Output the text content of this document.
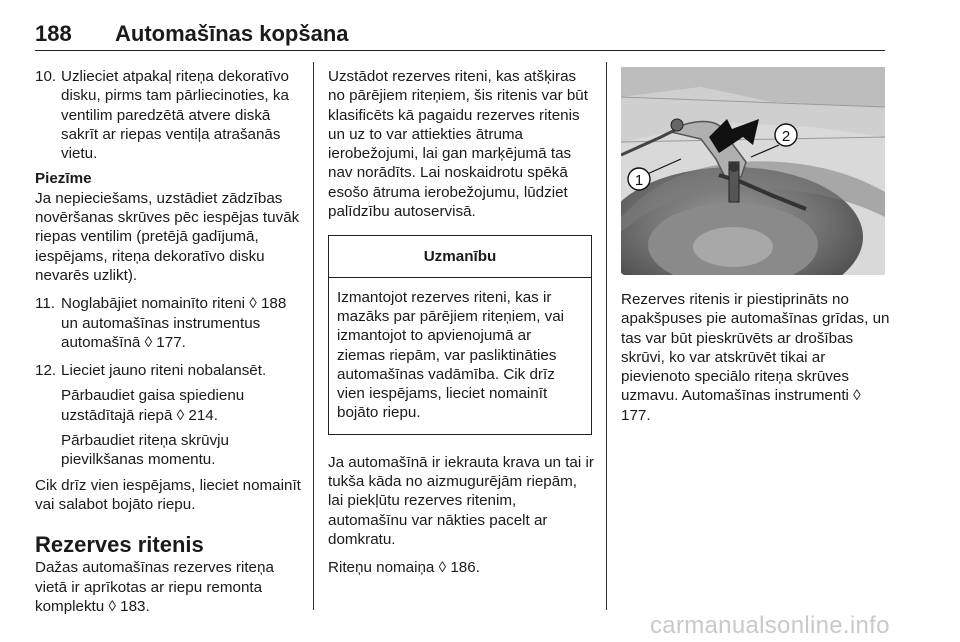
188 Automašīnas kopšana
10. Uzlieciet atpakaļ riteņa dekoratīvo disku, pirms tam pārliecinoties, ka ventilim paredzētā atvere diskā sakrīt ar riepas ventiļa atrašanās vietu.

Piezīme

Ja nepieciešams, uzstādiet zādzības novēršanas skrūves pēc iespējas tuvāk riepas ventilim (pretējā gadījumā, iespējams, riteņa dekoratīvo disku nevarēs uzlikt).

11. Noglabājiet nomainīto riteni ◊ 188 un automašīnas instrumentus automašīnā ◊ 177.

12. Lieciet jauno riteni nobalansēt.

Pārbaudiet gaisa spiedienu uzstādītajā riepā ◊ 214.

Pārbaudiet riteņa skrūvju pievilkšanas momentu.

Cik drīz vien iespējams, lieciet nomainīt vai salabot bojāto riepu.

Rezerves ritenis

Dažas automašīnas rezerves riteņa vietā ir aprīkotas ar riepu remonta komplektu ◊ 183.

Uzstādot rezerves riteni, kas atšķiras no pārējiem riteņiem, šis ritenis var būt klasificēts kā pagaidu rezerves ritenis un uz to var attiekties ātruma ierobežojumi, lai gan marķējumā tas nav norādīts. Lai noskaidrotu spēkā esošo ātruma ierobežojumu, lūdziet palīdzību autoservisā.

Uzmanību
Izmantojot rezerves riteni, kas ir mazāks par pārējiem riteņiem, vai izmantojot to apvienojumā ar ziemas riepām, var pasliktināties automašīnas vadāmība. Cik drīz vien iespējams, lieciet nomainīt bojāto riepu.

Ja automašīnā ir iekrauta krava un tai ir tukša kāda no aizmugurējām riepām, lai piekļūtu rezerves ritenim, automašīnu var nākties pacelt ar domkratu.

Riteņu nomaiņa ◊ 186.

1
2

Rezerves ritenis ir piestiprināts no apakšpuses pie automašīnas grīdas, un tas var būt pieskrūvēts ar drošības skrūvi, ko var atskrūvēt tikai ar pievienoto speciālo riteņa skrūves uzmavu. Automašīnas instrumenti ◊ 177.

carmanualsonline.info
